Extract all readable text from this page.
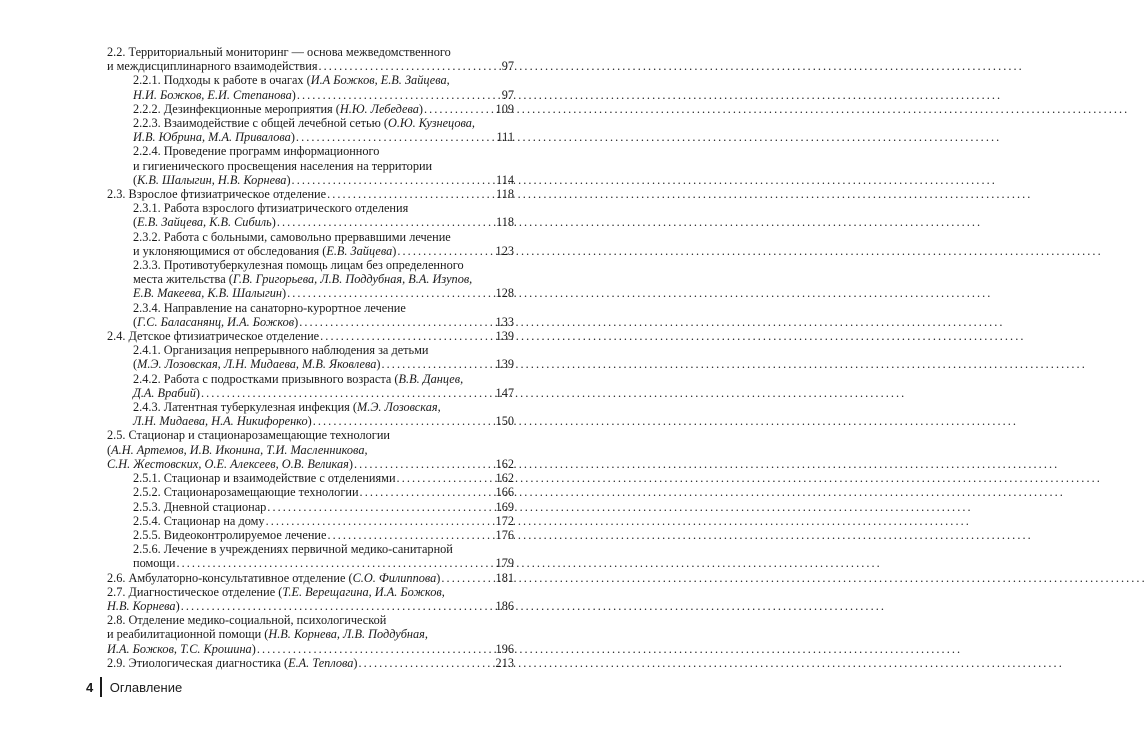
2.2. Территориальный мониторинг — основа межведомственного
и междисциплинарного взаимодействия . . .	97
2.2.1. Подходы к работе в очагах (И.А Божков, Е.В. Зайцева,
Н.И. Божков, Е.И. Степанова) . . .	97
2.2.2. Дезинфекционные мероприятия (Н.Ю. Лебедева) . . .	109
2.2.3. Взаимодействие с общей лечебной сетью (О.Ю. Кузнецова,
И.В. Юбрина, М.А. Привалова) . . .	111
2.2.4. Проведение программ информационного
и гигиенического просвещения населения на территории
(К.В. Шалыгин, Н.В. Корнева) . . .	114
2.3. Взрослое фтизиатрическое отделение . . .	118
2.3.1. Работа взрослого фтизиатрического отделения
(Е.В. Зайцева, К.В. Сибиль) . . .	118
2.3.2. Работа с больными, самовольно прервавшими лечение
и уклоняющимися от обследования (Е.В. Зайцева) . . .	123
2.3.3. Противотуберкулезная помощь лицам без определенного
места жительства (Г.В. Григорьева, Л.В. Поддубная, В.А. Изупов,
Е.В. Макеева, К.В. Шалыгин) . . .	128
2.3.4. Направление на санаторно-курортное лечение
(Г.С. Баласанянц, И.А. Божков) . . .	133
2.4. Детское фтизиатрическое отделение . . .	139
2.4.1. Организация непрерывного наблюдения за детьми
(М.Э. Лозовская, Л.Н. Мидаева, М.В. Яковлева) . . .	139
2.4.2. Работа с подростками призывного возраста (В.В. Данцев,
Д.А. Врабий) . . .	147
2.4.3. Латентная туберкулезная инфекция (М.Э. Лозовская,
Л.Н. Мидаева, Н.А. Никифоренко) . . .	150
2.5. Стационар и стационарозамещающие технологии
(А.Н. Артемов, И.В. Иконина, Т.И. Масленникова,
С.Н. Жестовских, О.Е. Алексеев, О.В. Великая) . . .	162
2.5.1. Стационар и взаимодействие с отделениями . . .	162
2.5.2. Стационарозамещающие технологии . . .	166
2.5.3. Дневной стационар . . .	169
2.5.4. Стационар на дому . . .	172
2.5.5. Видеоконтролируемое лечение . . .	176
2.5.6. Лечение в учреждениях первичной медико-санитарной
помощи . . .	179
2.6. Амбулаторно-консультативное отделение (С.О. Филиппова) . . .	181
2.7. Диагностическое отделение (Т.Е. Верещагина, И.А. Божков,
Н.В. Корнева) . . .	186
2.8. Отделение медико-социальной, психологической
и реабилитационной помощи (Н.В. Корнева, Л.В. Поддубная,
И.А. Божков, Т.С. Крошина) . . .	196
2.9. Этиологическая диагностика (Е.А. Теплова) . . .	213
4 Оглавление
